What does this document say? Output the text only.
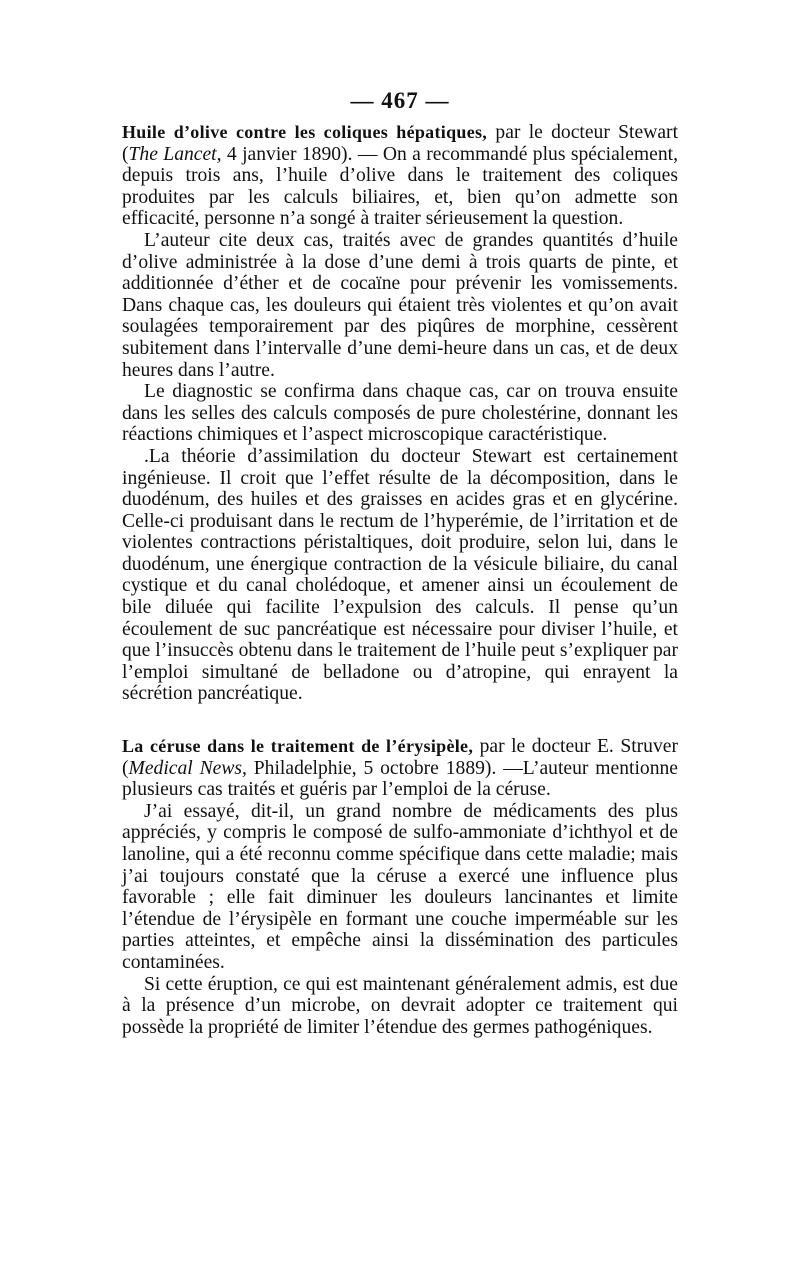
— 467 —

Huile d’olive contre les coliques hépatiques, par le docteur Stewart (The Lancet, 4 janvier 1890). — On a recommandé plus spécialement, depuis trois ans, l’huile d’olive dans le traitement des coliques produites par les calculs biliaires, et, bien qu’on admette son efficacité, personne n’a songé à traiter sérieusement la question.

L’auteur cite deux cas, traités avec de grandes quantités d’huile d’olive administrée à la dose d’une demi à trois quarts de pinte, et additionnée d’éther et de cocaïne pour prévenir les vomissements. Dans chaque cas, les douleurs qui étaient très violentes et qu’on avait soulagées temporairement par des piqûres de morphine, cessèrent subitement dans l’intervalle d’une demi-heure dans un cas, et de deux heures dans l’autre.

Le diagnostic se confirma dans chaque cas, car on trouva ensuite dans les selles des calculs composés de pure cholestérine, donnant les réactions chimiques et l’aspect microscopique caractéristique.

.La théorie d’assimilation du docteur Stewart est certainement ingénieuse. Il croit que l’effet résulte de la décomposition, dans le duodénum, des huiles et des graisses en acides gras et en glycérine. Celle-ci produisant dans le rectum de l’hyperémie, de l’irritation et de violentes contractions péristaltiques, doit produire, selon lui, dans le duodénum, une énergique contraction de la vésicule biliaire, du canal cystique et du canal cholédoque, et amener ainsi un écoulement de bile diluée qui facilite l’expulsion des calculs. Il pense qu’un écoulement de suc pancréatique est nécessaire pour diviser l’huile, et que l’insuccès obtenu dans le traitement de l’huile peut s’expliquer par l’emploi simultané de belladone ou d’atropine, qui enrayent la sécrétion pancréatique.

La céruse dans le traitement de l’érysipèle, par le docteur E. Struver (Medical News, Philadelphie, 5 octobre 1889). —L’auteur mentionne plusieurs cas traités et guéris par l’emploi de la céruse.

J’ai essayé, dit-il, un grand nombre de médicaments des plus appréciés, y compris le composé de sulfo-ammoniate d’ichthyol et de lanoline, qui a été reconnu comme spécifique dans cette maladie; mais j’ai toujours constaté que la céruse a exercé une influence plus favorable ; elle fait diminuer les douleurs lancinantes et limite l’étendue de l’érysipèle en formant une couche imperméable sur les parties atteintes, et empêche ainsi la dissémination des particules contaminées.

Si cette éruption, ce qui est maintenant généralement admis, est due à la présence d’un microbe, on devrait adopter ce traitement qui possède la propriété de limiter l’étendue des germes pathogéniques.
